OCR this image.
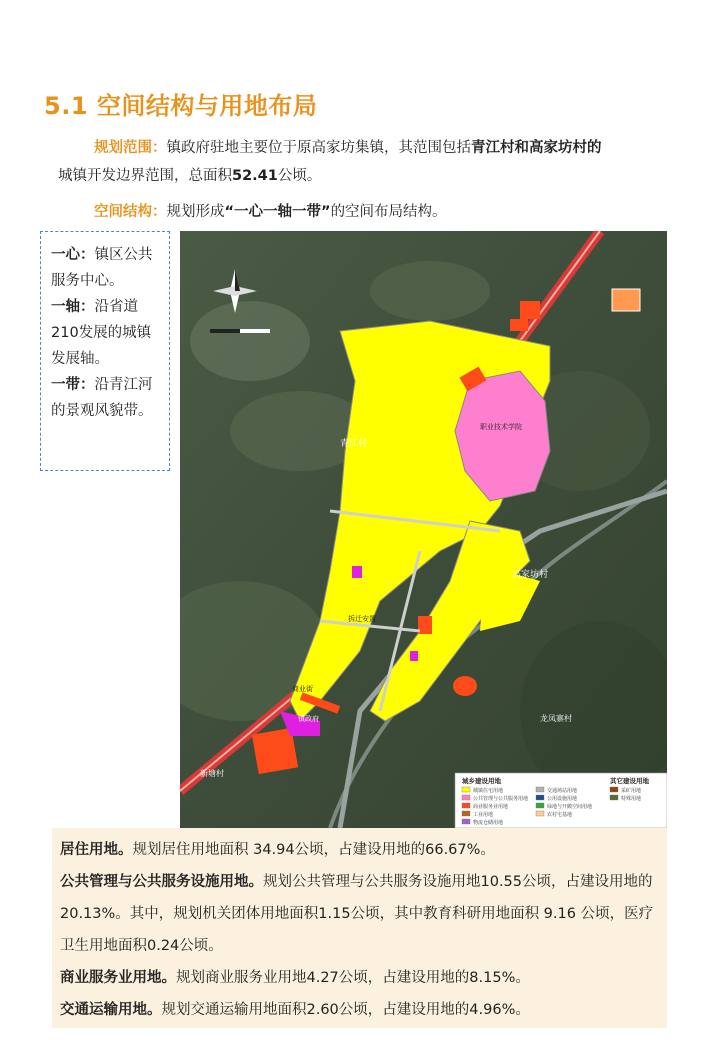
5.1 空间结构与用地布局
规划范围：镇政府驻地主要位于原高家坊集镇，其范围包括青江村和高家坊村的
城镇开发边界范围，总面积52.41公顷。
空间结构：规划形成“一心一轴一带”的空间布局结构。
一心：镇区公共服务中心。
一轴：沿省道210发展的城镇发展轴。
一带：沿青江河的景观风貌带。
青江村
高家坊村
职业技术学院
拆迁安置
商业街
镇政府	龙凤寨村
新塘村
城乡建设用地	其它建设用地
城镇住宅用地
公共管理与公共服务用地
商业服务业用地
工业用地
物流仓储用地
交通场站用地
公用设施用地
绿地与开敞空间用地
农村宅基地
采矿用地
特殊用地

居住用地。规划居住用地面积 34.94公顷，占建设用地的66.67%。

公共管理与公共服务设施用地。规划公共管理与公共服务设施用地10.55公顷，占建设用地的20.13%。其中，规划机关团体用地面积1.15公顷，其中教育科研用地面积 9.16 公顷，医疗卫生用地面积0.24公顷。

商业服务业用地。规划商业服务业用地4.27公顷，占建设用地的8.15%。

交通运输用地。规划交通运输用地面积2.60公顷，占建设用地的4.96%。
